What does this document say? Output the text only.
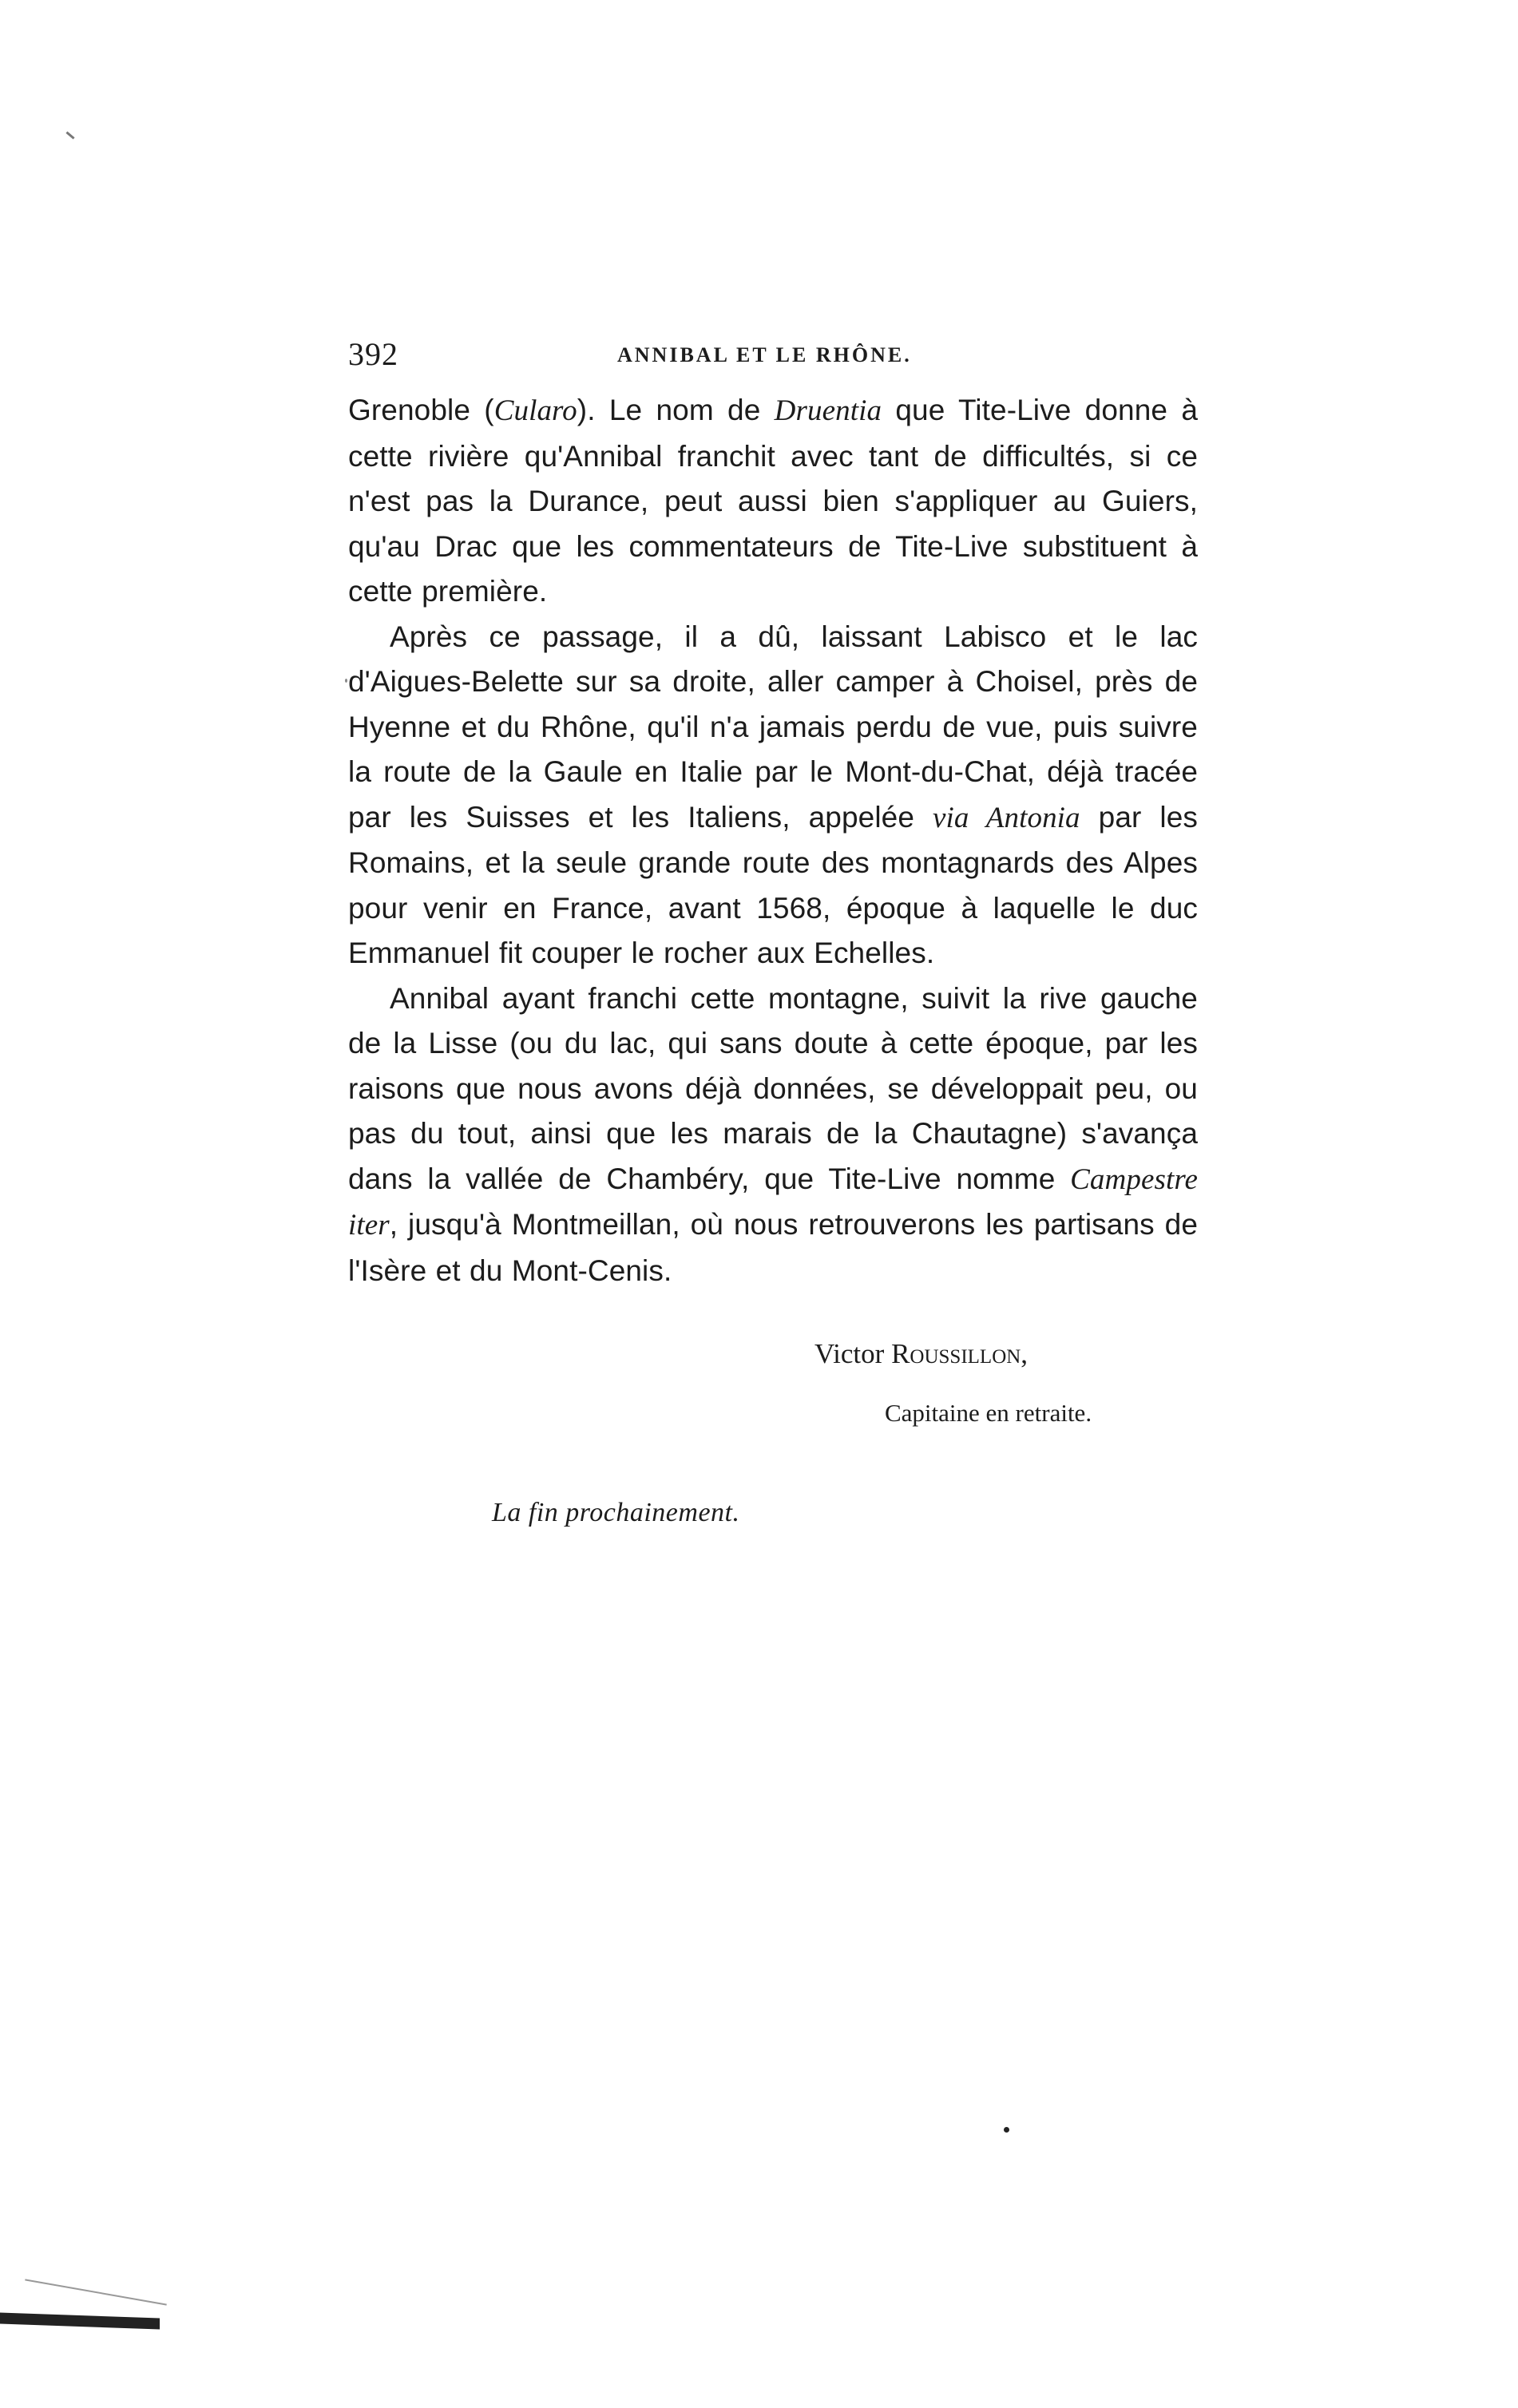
392	ANNIBAL ET LE RHÔNE.

Grenoble (Cularo). Le nom de Druentia que Tite-Live donne à cette rivière qu'Annibal franchit avec tant de difficultés, si ce n'est pas la Durance, peut aussi bien s'appliquer au Guiers, qu'au Drac que les commentateurs de Tite-Live substituent à cette première.

Après ce passage, il a dû, laissant Labisco et le lac d'Aigues-Belette sur sa droite, aller camper à Choisel, près de Hyenne et du Rhône, qu'il n'a jamais perdu de vue, puis suivre la route de la Gaule en Italie par le Mont-du-Chat, déjà tracée par les Suisses et les Italiens, appelée via Antonia par les Romains, et la seule grande route des montagnards des Alpes pour venir en France, avant 1568, époque à laquelle le duc Emmanuel fit couper le rocher aux Echelles.

Annibal ayant franchi cette montagne, suivit la rive gauche de la Lisse (ou du lac, qui sans doute à cette époque, par les raisons que nous avons déjà données, se développait peu, ou pas du tout, ainsi que les marais de la Chautagne) s'avança dans la vallée de Chambéry, que Tite-Live nomme Campestre iter, jusqu'à Montmeillan, où nous retrouverons les partisans de l'Isère et du Mont-Cenis.

Victor Roussillon,
Capitaine en retraite.
La fin prochainement.
